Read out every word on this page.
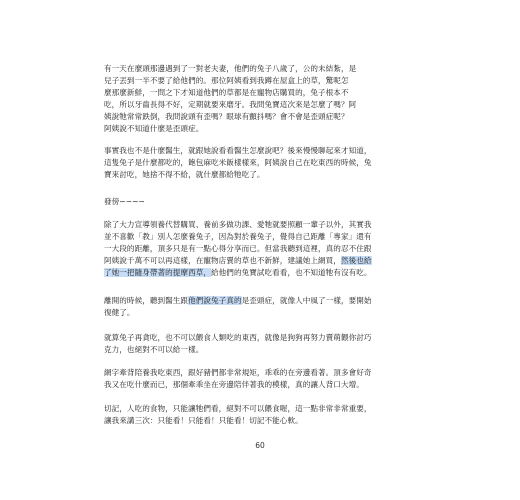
有一天在麼頭那邊遇到了一對老夫妻，他們的兔子八歲了，公的未結紮，是
兒子丟到一半不要了給他們的。那位阿姨看到我蹲在屋盒上的草，驚呢怎
麼那麼新鮮，一問之下才知道他們的草都是在寵物店購買的，兔子根本不
吃，所以牙齒長得不好，定期就要來磨牙。我問兔寶這次來是怎麼了嗎？阿
姨說牠常常跌倒，我問說頭有歪嗎？眼球有顫抖嗎？會不會是歪頭症呢？
阿姨說不知道什麼是歪頭症。
事實我也不是什麼醫生，就跟她說看看醫生怎麼說吧？後來慢慢聊起來才知道，
這隻兔子是什麼都吃的，飽包麻吃米飯樣樣來，阿姨說自己在吃東西的時候，兔
寶來討吃，她捨不得不給，就什麼都給牠吃了。
發傍~~~~
除了大力宣導領養代替購買、養前多做功課、愛牠就要照顧一輩子以外，其實我
並不喜歡「教」別人怎麼養兔子，因為對於養兔子，覺得自己距離「專家」還有
一大段的距離，頂多只是有一點心得分享而已。但當我聽到這裡，真的忍不住跟
阿姨說千萬不可以再這樣，在寵物店賣的草也不新鮮，建議她上網買，然後也給
了她一把隨身帶著的提摩西草，給他們的兔寶試吃看看，也不知道牠有沒有吃。
離開的時候，聽到醫生跟他們說兔子真的是歪頭症，就像人中風了一樣，要開始
復健了。
就算兔子再貪吃，也不可以餵食人類吃的東西，就像是狗狗再努力賣萌餵你討巧
克力，也絕對不可以給一樣。
網字牽背陪養我吃東西，跟好豬們都非常規矩，乖乖的在旁邊看著。頂多會好奇
我又在吃什麼而已，那個牽乖坐在旁邊陪伴著我的模樣，真的讓人背口大增。
切記，人吃的食物，只能讓牠們看，絕對不可以餵食喔，這一點非常非常重要，
讓我來講三次：只能看！只能看！只能看！切記不能心軟。
60
